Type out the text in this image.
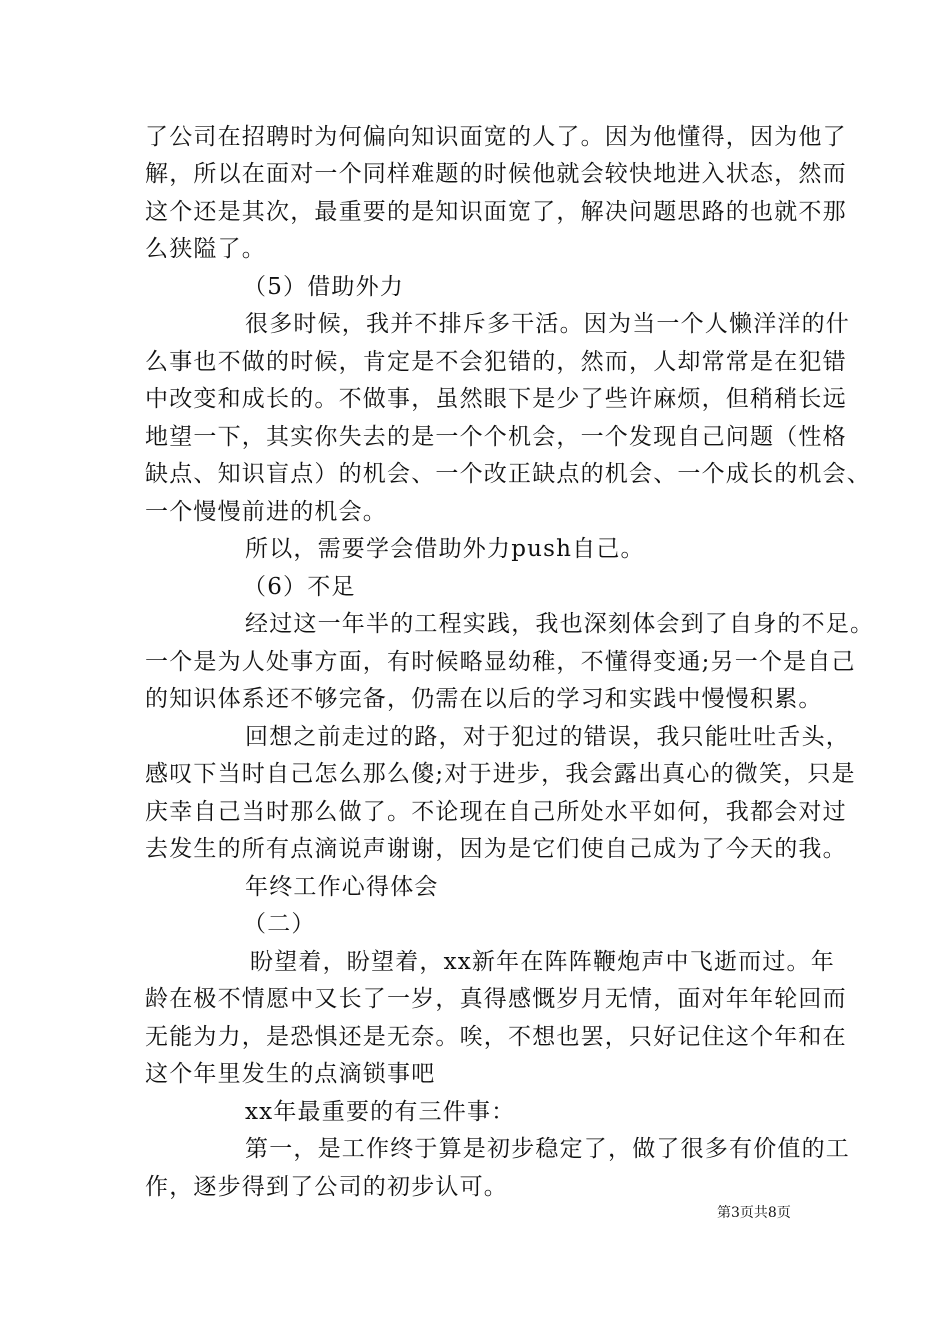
了公司在招聘时为何偏向知识面宽的人了。因为他懂得，因为他了
解，所以在面对一个同样难题的时候他就会较快地进入状态，然而
这个还是其次，最重要的是知识面宽了，解决问题思路的也就不那
么狭隘了。
（5）借助外力
很多时候，我并不排斥多干活。因为当一个人懒洋洋的什
么事也不做的时候，肯定是不会犯错的，然而，人却常常是在犯错
中改变和成长的。不做事，虽然眼下是少了些许麻烦，但稍稍长远
地望一下，其实你失去的是一个个机会，一个发现自己问题（性格
缺点、知识盲点）的机会、一个改正缺点的机会、一个成长的机会、
一个慢慢前进的机会。
所以，需要学会借助外力push自己。
（6）不足
经过这一年半的工程实践，我也深刻体会到了自身的不足。
一个是为人处事方面，有时候略显幼稚，不懂得变通;另一个是自己
的知识体系还不够完备，仍需在以后的学习和实践中慢慢积累。
回想之前走过的路，对于犯过的错误，我只能吐吐舌头，
感叹下当时自己怎么那么傻;对于进步，我会露出真心的微笑，只是
庆幸自己当时那么做了。不论现在自己所处水平如何，我都会对过
去发生的所有点滴说声谢谢，因为是它们使自己成为了今天的我。
年终工作心得体会
（二）
盼望着，盼望着，xx新年在阵阵鞭炮声中飞逝而过。年
龄在极不情愿中又长了一岁，真得感慨岁月无情，面对年年轮回而
无能为力，是恐惧还是无奈。唉，不想也罢，只好记住这个年和在
这个年里发生的点滴锁事吧
xx年最重要的有三件事：
第一，是工作终于算是初步稳定了，做了很多有价值的工
作，逐步得到了公司的初步认可。
第3页共8页
